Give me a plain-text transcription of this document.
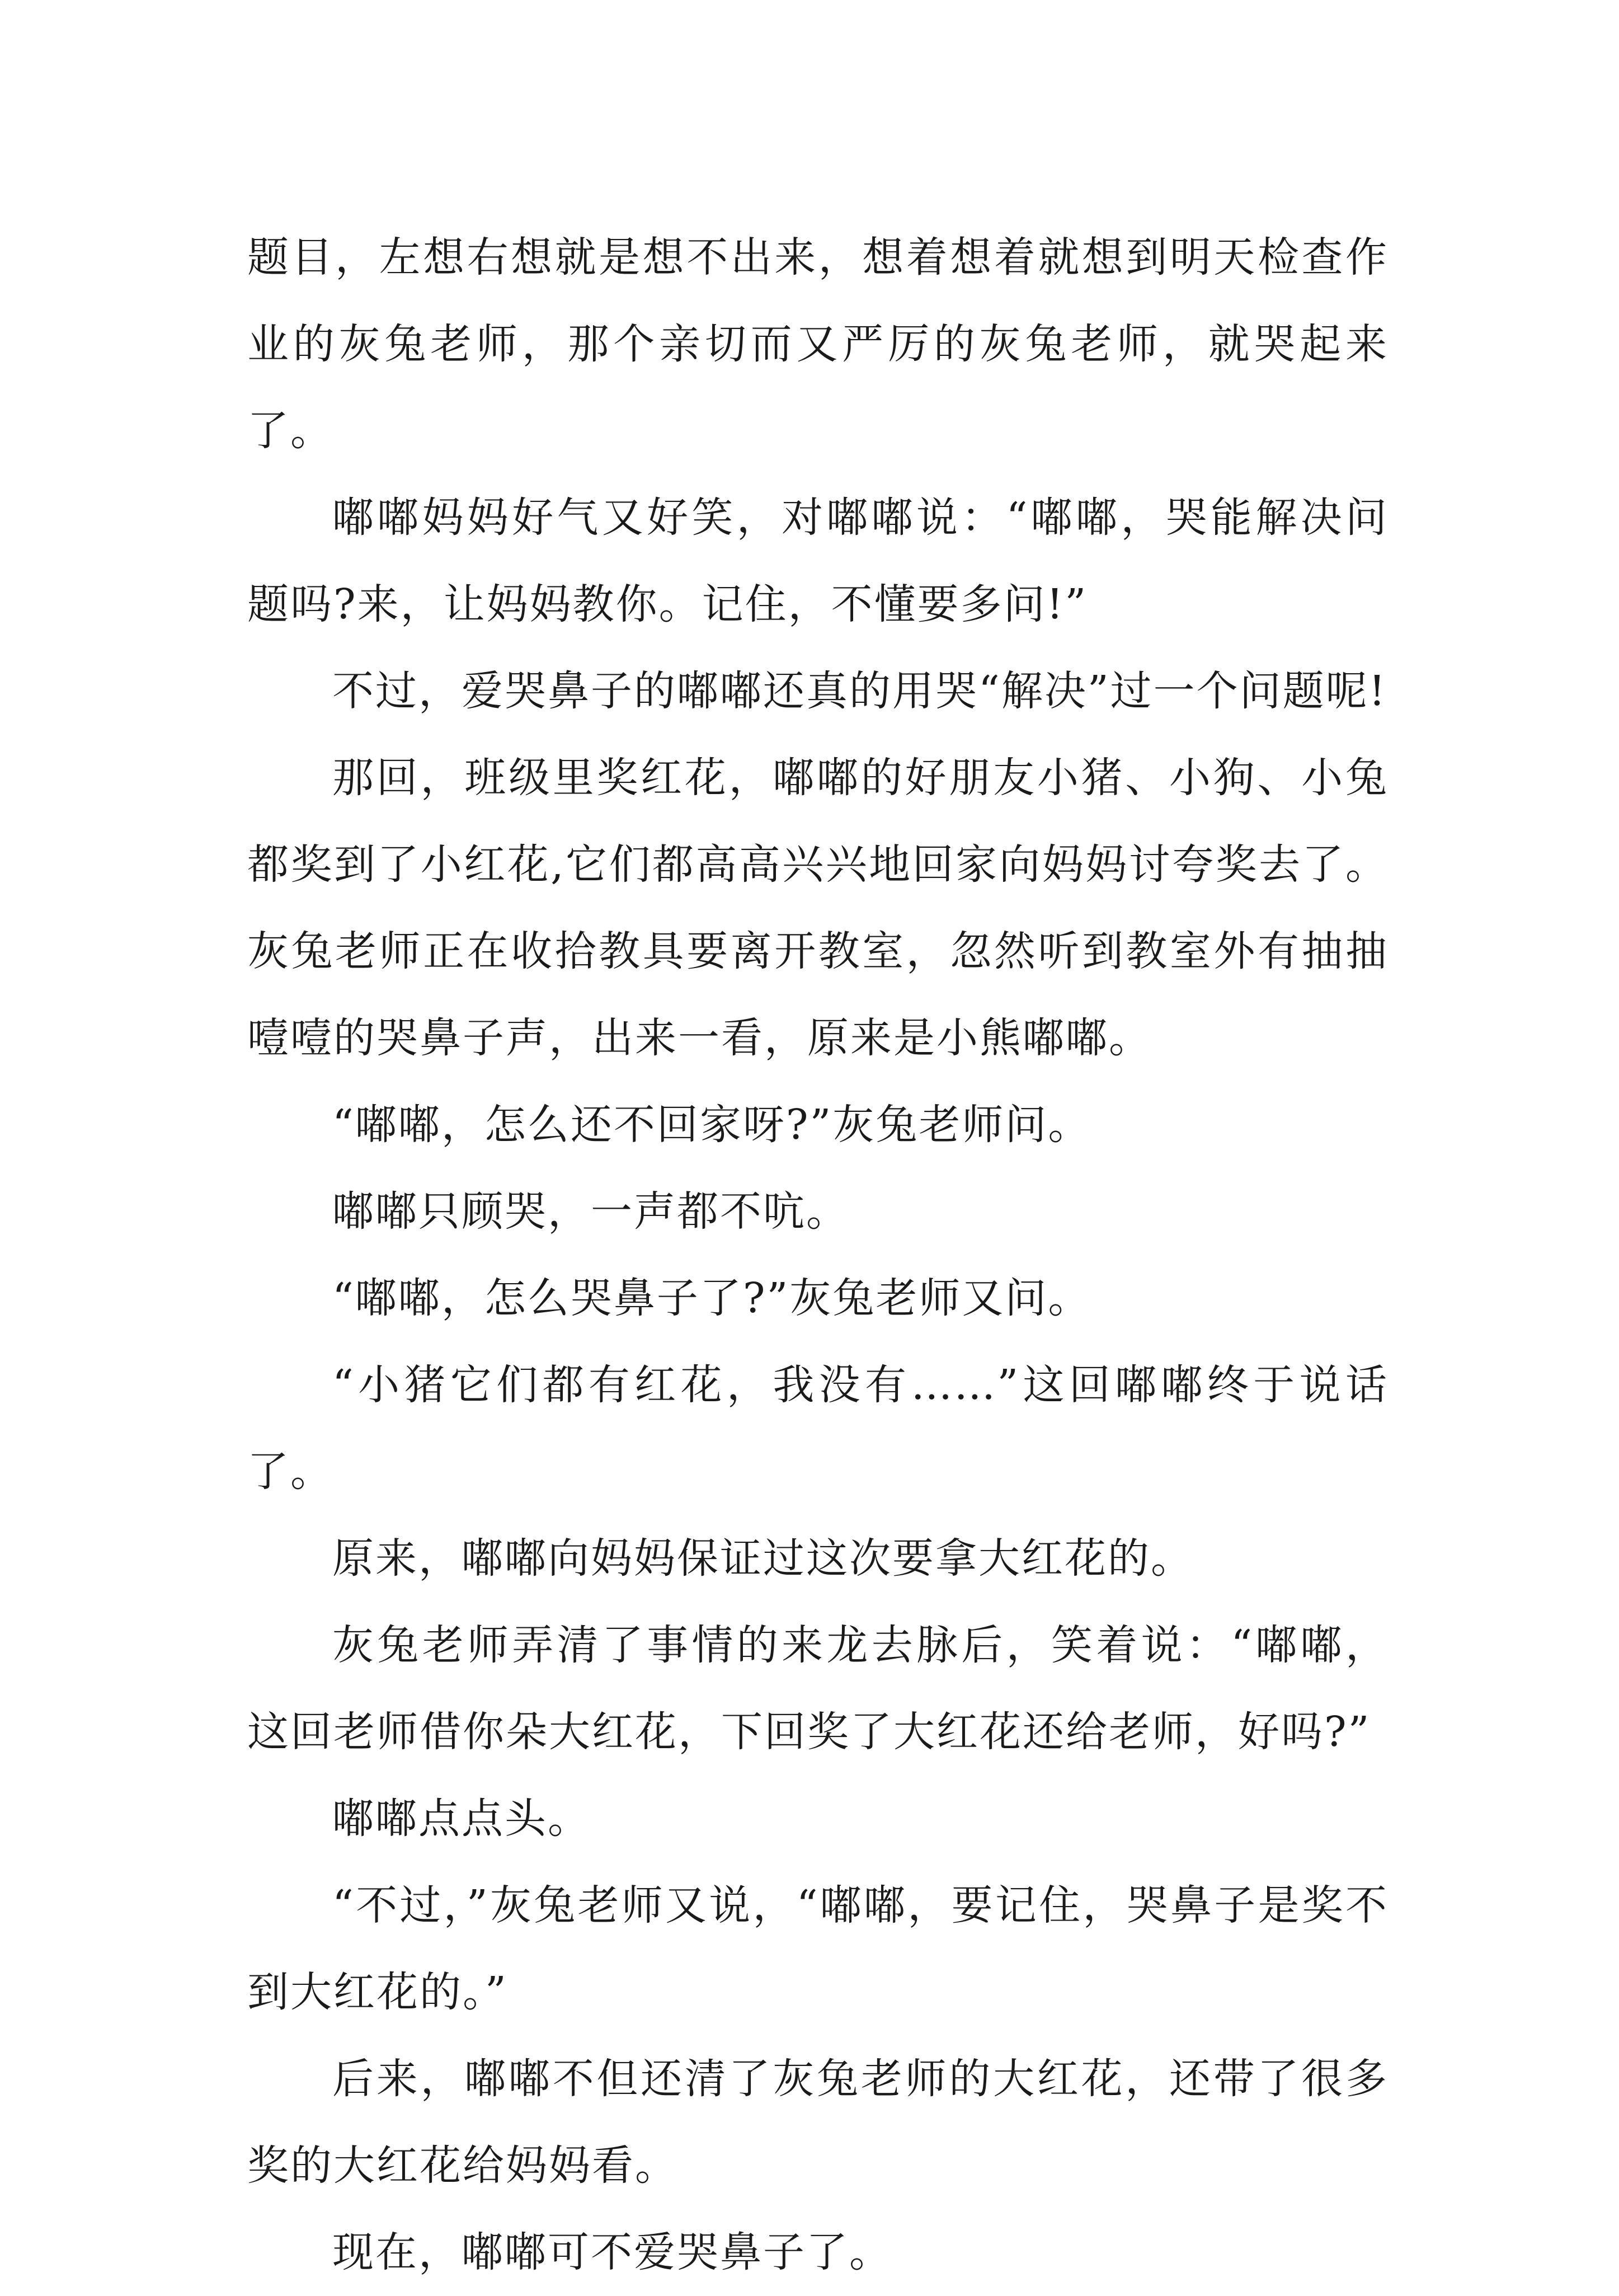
题目，左想右想就是想不出来，想着想着就想到明天检查作业的灰兔老师，那个亲切而又严厉的灰兔老师，就哭起来了。

嘟嘟妈妈好气又好笑，对嘟嘟说：“嘟嘟，哭能解决问题吗?来，让妈妈教你。记住，不懂要多问!”

不过，爱哭鼻子的嘟嘟还真的用哭“解决”过一个问题呢!

那回，班级里奖红花，嘟嘟的好朋友小猪、小狗、小兔都奖到了小红花,它们都高高兴兴地回家向妈妈讨夸奖去了。灰兔老师正在收拾教具要离开教室，忽然听到教室外有抽抽噎噎的哭鼻子声，出来一看，原来是小熊嘟嘟。

“嘟嘟，怎么还不回家呀?”灰兔老师问。

嘟嘟只顾哭，一声都不吭。

“嘟嘟，怎么哭鼻子了?”灰兔老师又问。

“小猪它们都有红花，我没有……”这回嘟嘟终于说话了。

原来，嘟嘟向妈妈保证过这次要拿大红花的。

灰兔老师弄清了事情的来龙去脉后，笑着说：“嘟嘟，这回老师借你朵大红花，下回奖了大红花还给老师，好吗?”

嘟嘟点点头。

“不过，”灰兔老师又说，“嘟嘟，要记住，哭鼻子是奖不到大红花的。”

后来，嘟嘟不但还清了灰兔老师的大红花，还带了很多奖的大红花给妈妈看。

现在，嘟嘟可不爱哭鼻子了。
